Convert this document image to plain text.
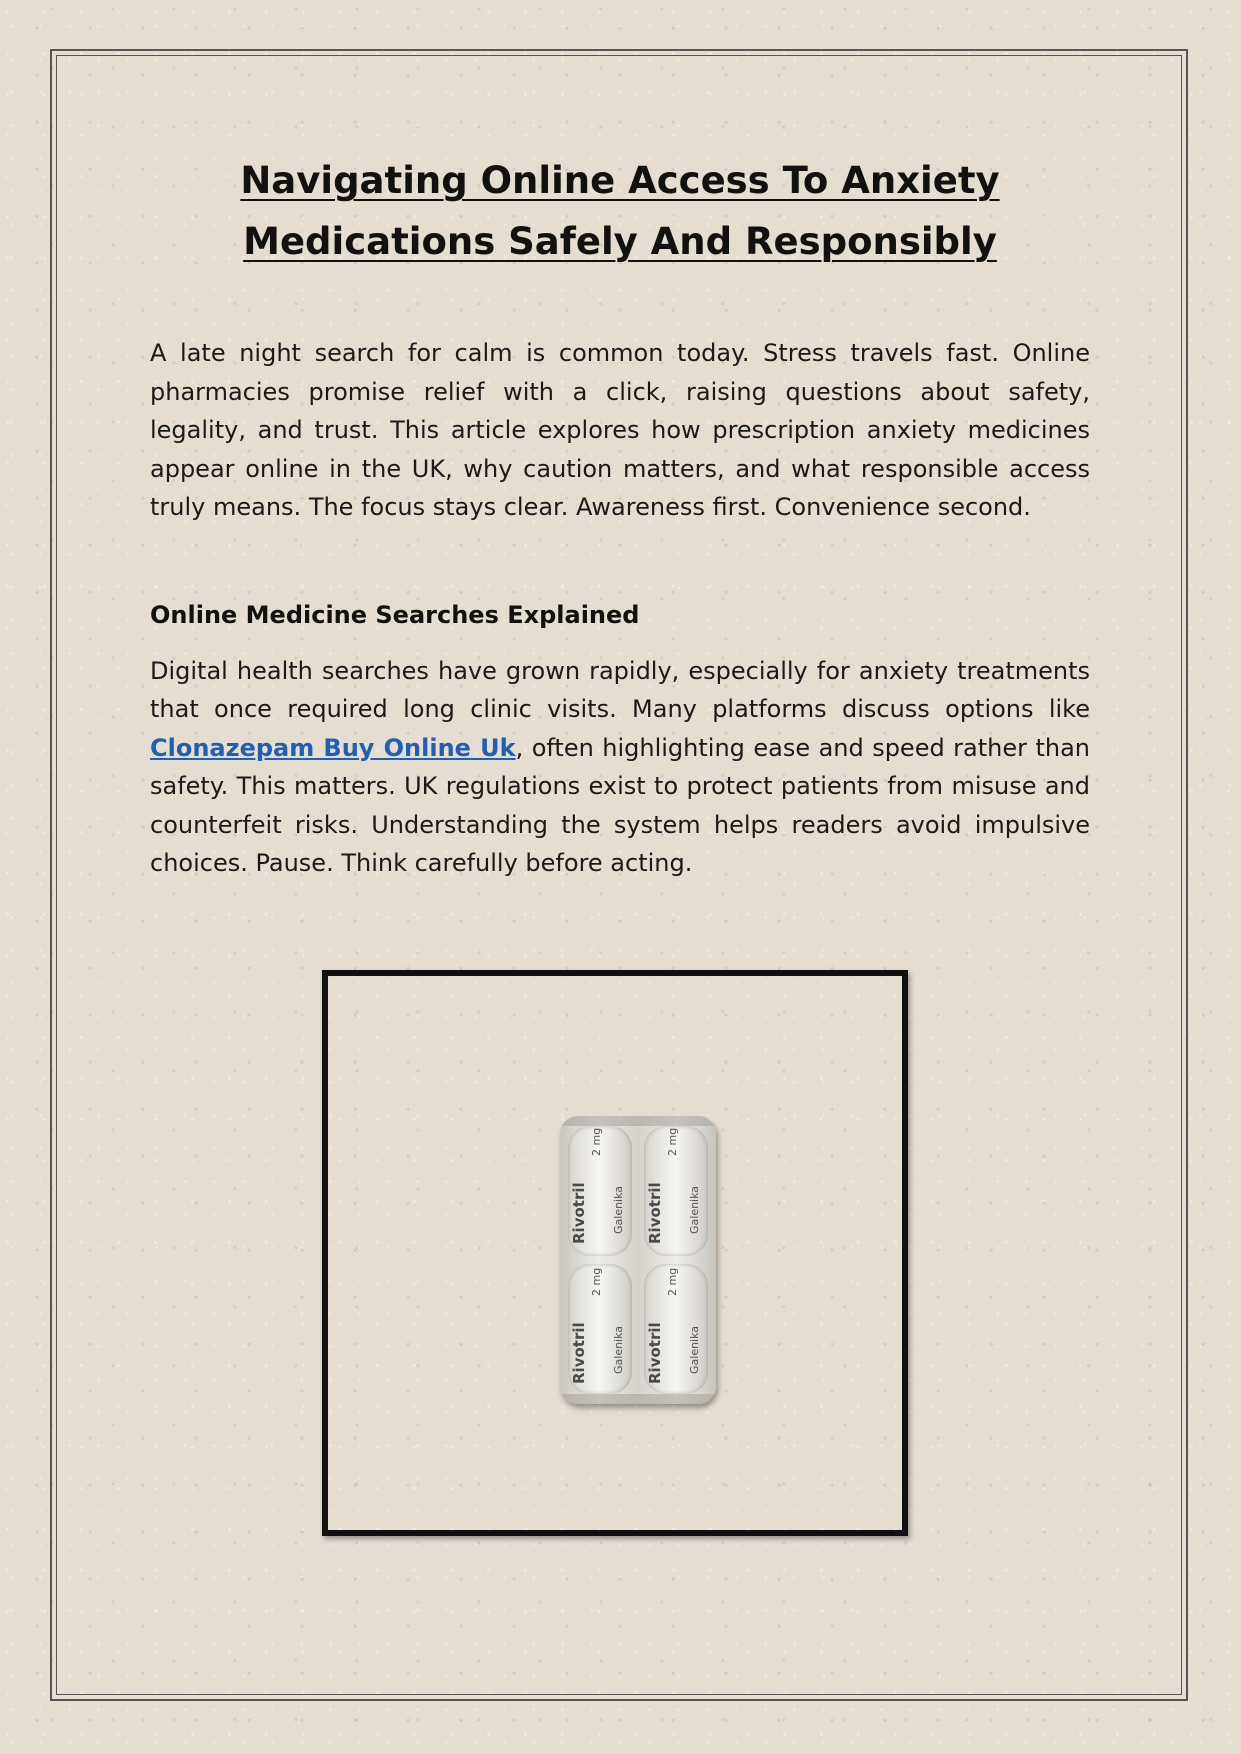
Navigating Online Access To Anxiety Medications Safely And Responsibly

A late night search for calm is common today. Stress travels fast. Online pharmacies promise relief with a click, raising questions about safety, legality, and trust. This article explores how prescription anxiety medicines appear online in the UK, why caution matters, and what responsible access truly means. The focus stays clear. Awareness first. Convenience second.

Online Medicine Searches Explained

Digital health searches have grown rapidly, especially for anxiety treatments that once required long clinic visits. Many platforms discuss options like Clonazepam Buy Online Uk, often highlighting ease and speed rather than safety. This matters. UK regulations exist to protect patients from misuse and counterfeit risks. Understanding the system helps readers avoid impulsive choices. Pause. Think carefully before acting.

Rivotril	Rivotril
Rivotril	Rivotril
Galenika	Galenika
Galenika	Galenika
2 mg	2 mg
2 mg	2 mg
